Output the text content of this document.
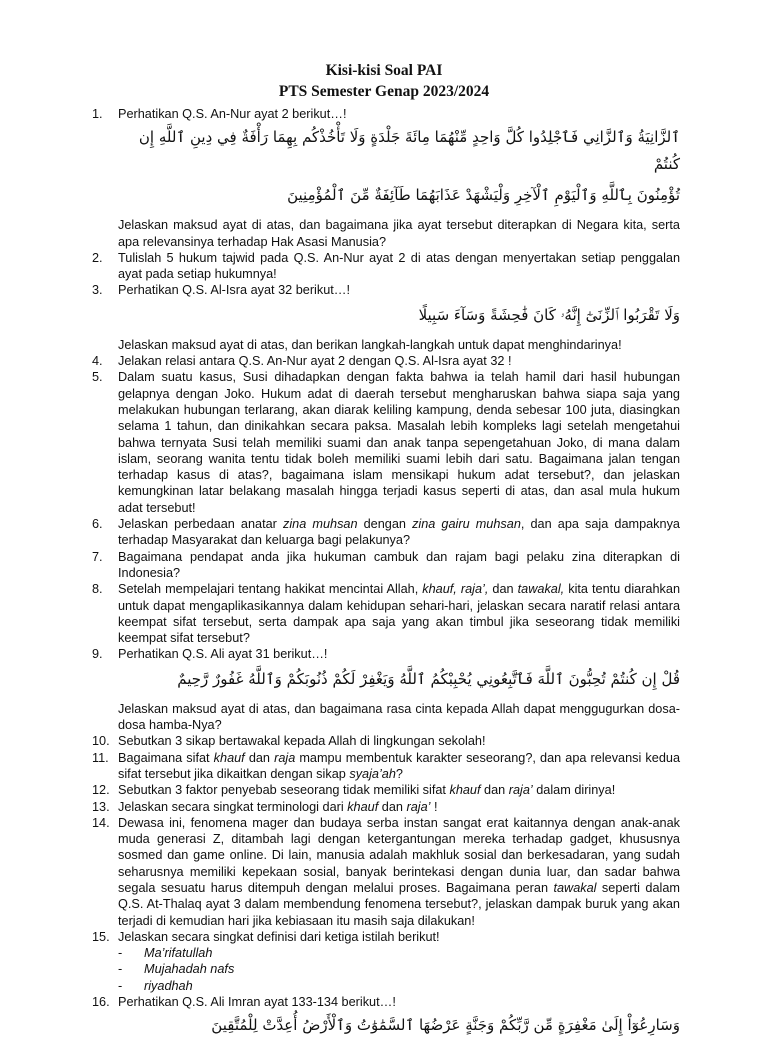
Kisi-kisi Soal PAI
PTS Semester Genap 2023/2024
1. Perhatikan Q.S. An-Nur ayat 2 berikut…!
ٱلزَّانِيَةُ وَٱلزَّانِي فَٱجْلِدُوا كُلَّ وَاحِدٍ مِّنْهُمَا مِائَةَ جَلْدَةٍ وَلَا تَأْخُذْكُم بِهِمَا رَأْفَةٌ فِي دِينِ ٱللَّهِ إِن كُنتُمْ
تُؤْمِنُونَ بِٱللَّهِ وَٱلْيَوْمِ ٱلْآخِرِ وَلْيَشْهَدْ عَذَابَهُمَا طَآئِفَةٌ مِّنَ ٱلْمُؤْمِنِينَ
Jelaskan maksud ayat di atas, dan bagaimana jika ayat tersebut diterapkan di Negara kita, serta apa relevansinya terhadap Hak Asasi Manusia?
2. Tulislah 5 hukum tajwid pada Q.S. An-Nur ayat 2 di atas dengan menyertakan setiap penggalan ayat pada setiap hukumnya!
3. Perhatikan Q.S. Al-Isra ayat 32 berikut…!
وَلَا تَقْرَبُوا ٱلزِّنَىٰٓ إِنَّهُۥ كَانَ فَٰحِشَةً وَسَآءَ سَبِيلًا
Jelaskan maksud ayat di atas, dan berikan langkah-langkah untuk dapat menghindarinya!
4. Jelakan relasi antara Q.S. An-Nur ayat 2 dengan Q.S. Al-Isra ayat 32 !
5. Dalam suatu kasus, Susi dihadapkan dengan fakta bahwa ia telah hamil dari hasil hubungan gelapnya dengan Joko. Hukum adat di daerah tersebut mengharuskan bahwa siapa saja yang melakukan hubungan terlarang, akan diarak keliling kampung, denda sebesar 100 juta, diasingkan selama 1 tahun, dan dinikahkan secara paksa. Masalah lebih kompleks lagi setelah mengetahui bahwa ternyata Susi telah memiliki suami dan anak tanpa sepengetahuan Joko, di mana dalam islam, seorang wanita tentu tidak boleh memiliki suami lebih dari satu. Bagaimana jalan tengan terhadap kasus di atas?, bagaimana islam mensikapi hukum adat tersebut?, dan jelaskan kemungkinan latar belakang masalah hingga terjadi kasus seperti di atas, dan asal mula hukum adat tersebut!
6. Jelaskan perbedaan anatar zina muhsan dengan zina gairu muhsan, dan apa saja dampaknya terhadap Masyarakat dan keluarga bagi pelakunya?
7. Bagaimana pendapat anda jika hukuman cambuk dan rajam bagi pelaku zina diterapkan di Indonesia?
8. Setelah mempelajari tentang hakikat mencintai Allah, khauf, raja’, dan tawakal, kita tentu diarahkan untuk dapat mengaplikasikannya dalam kehidupan sehari-hari, jelaskan secara naratif relasi antara keempat sifat tersebut, serta dampak apa saja yang akan timbul jika seseorang tidak memiliki keempat sifat tersebut?
9. Perhatikan Q.S. Ali ayat 31 berikut…!
قُلْ إِن كُنتُمْ تُحِبُّونَ ٱللَّهَ فَٱتَّبِعُونِي يُحْبِبْكُمُ ٱللَّهُ وَيَغْفِرْ لَكُمْ ذُنُوبَكُمْ وَٱللَّهُ غَفُورٌ رَّحِيمٌ
Jelaskan maksud ayat di atas, dan bagaimana rasa cinta kepada Allah dapat menggugurkan dosa-dosa hamba-Nya?
10. Sebutkan 3 sikap bertawakal kepada Allah di lingkungan sekolah!
11. Bagaimana sifat khauf dan raja mampu membentuk karakter seseorang?, dan apa relevansi kedua sifat tersebut jika dikaitkan dengan sikap syaja’ah?
12. Sebutkan 3 faktor penyebab seseorang tidak memiliki sifat khauf dan raja’ dalam dirinya!
13. Jelaskan secara singkat terminologi dari khauf dan raja’ !
14. Dewasa ini, fenomena mager dan budaya serba instan sangat erat kaitannya dengan anak-anak muda generasi Z, ditambah lagi dengan ketergantungan mereka terhadap gadget, khususnya sosmed dan game online. Di lain, manusia adalah makhluk sosial dan berkesadaran, yang sudah seharusnya memiliki kepekaan sosial, banyak berintekasi dengan dunia luar, dan sadar bahwa segala sesuatu harus ditempuh dengan melalui proses. Bagaimana peran tawakal seperti dalam Q.S. At-Thalaq ayat 3 dalam membendung fenomena tersebut?, jelaskan dampak buruk yang akan terjadi di kemudian hari jika kebiasaan itu masih saja dilakukan!
15. Jelaskan secara singkat definisi dari ketiga istilah berikut!
- Ma’rifatullah
- Mujahadah nafs
- riyadhah
16. Perhatikan Q.S. Ali Imran ayat 133-134 berikut…!
وَسَارِعُوٓاْ إِلَىٰ مَغْفِرَةٍ مِّن رَّبِّكُمْ وَجَنَّةٍ عَرْضُهَا ٱلسَّمَٰوَٰتُ وَٱلْأَرْضُ أُعِدَّتْ لِلْمُتَّقِينَ
